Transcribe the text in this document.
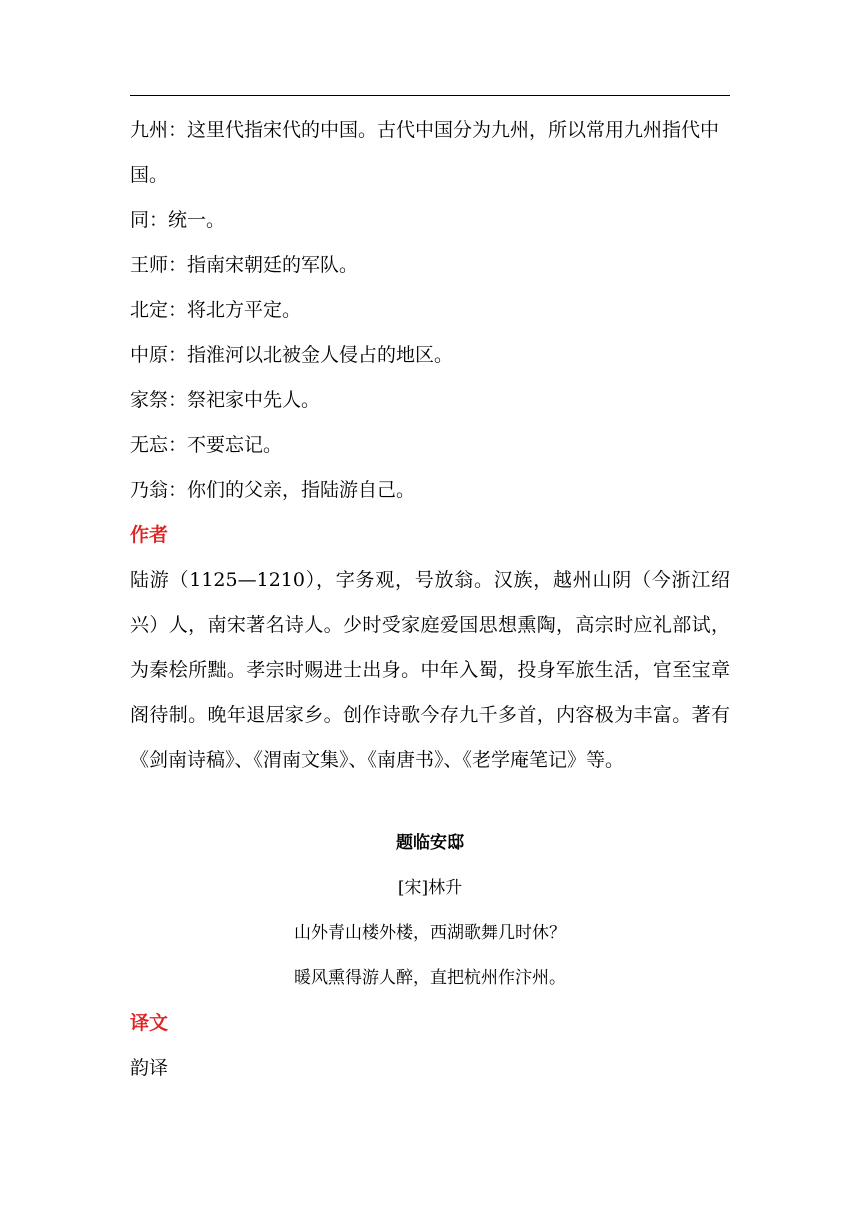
九州：这里代指宋代的中国。古代中国分为九州，所以常用九州指代中国。

同：统一。

王师：指南宋朝廷的军队。

北定：将北方平定。

中原：指淮河以北被金人侵占的地区。

家祭：祭祀家中先人。

无忘：不要忘记。

乃翁：你们的父亲，指陆游自己。

作者

陆游（1125—1210），字务观，号放翁。汉族，越州山阴（今浙江绍兴）人，南宋著名诗人。少时受家庭爱国思想熏陶，高宗时应礼部试，为秦桧所黜。孝宗时赐进士出身。中年入蜀，投身军旅生活，官至宝章阁待制。晚年退居家乡。创作诗歌今存九千多首，内容极为丰富。著有《剑南诗稿》、《渭南文集》、《南唐书》、《老学庵笔记》等。

题临安邸

[宋]林升

山外青山楼外楼，西湖歌舞几时休？

暖风熏得游人醉，直把杭州作汴州。

译文

韵译
